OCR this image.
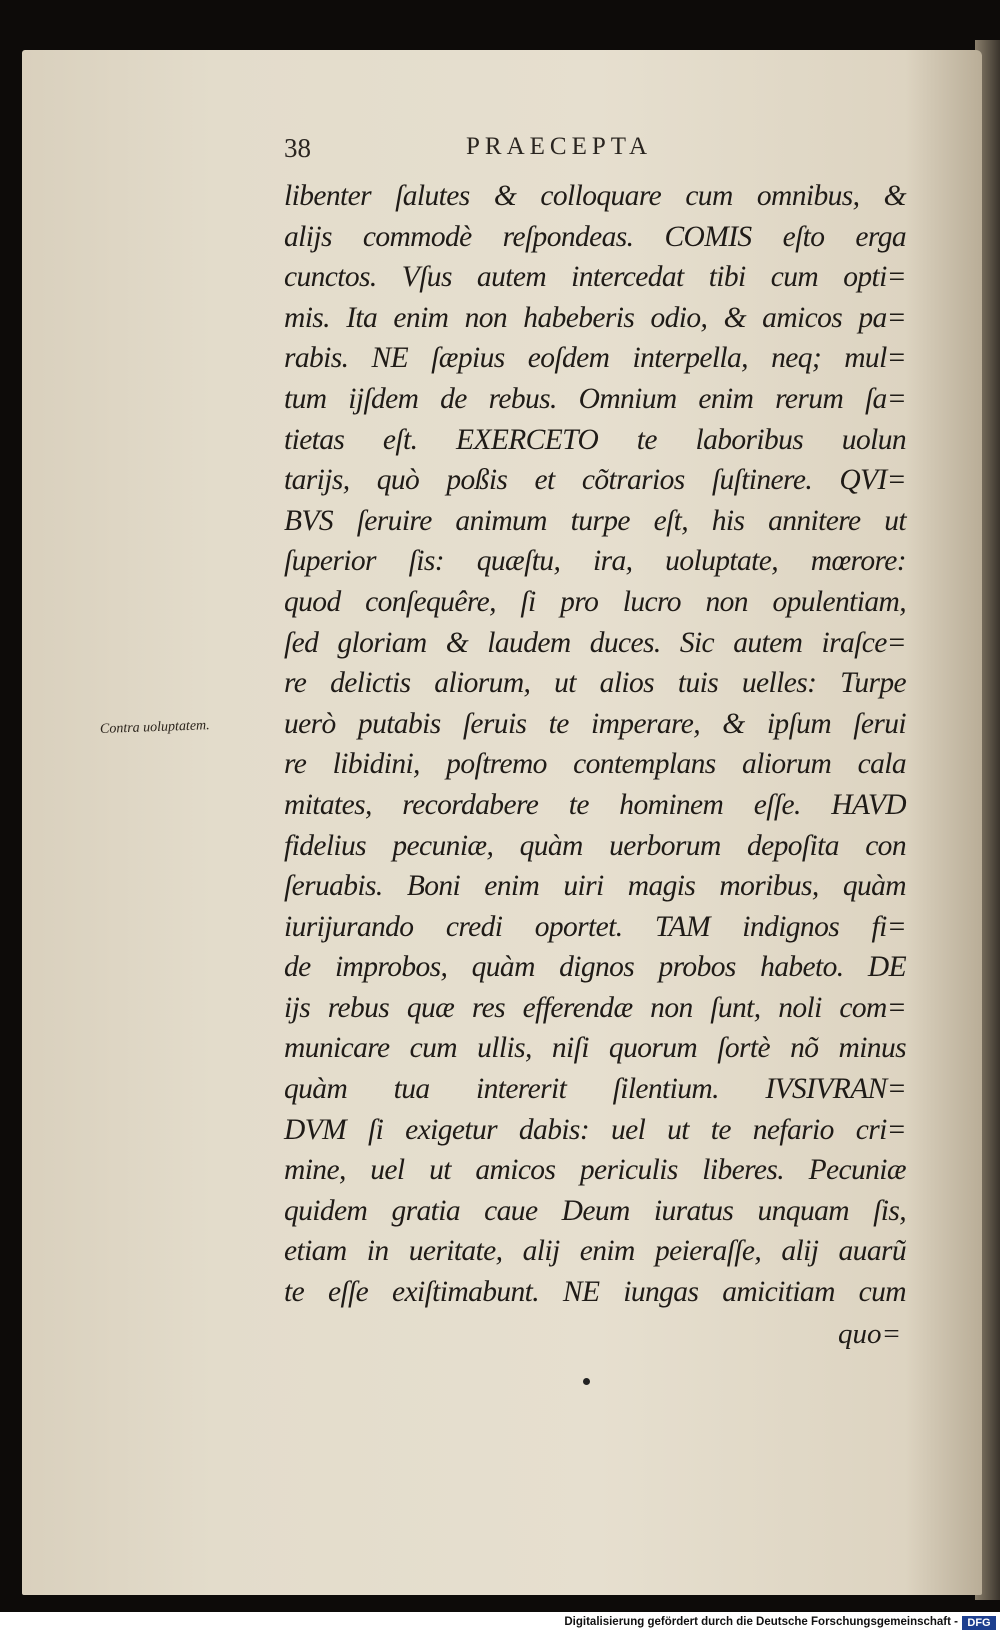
38	PRAECEPTA
Contra uoluptatem.
libenter ſalutes & colloquare cum omnibus, &
aliјs commodè reſpondeas. COMIS eſto erga
cunctos. Vſus autem intercedat tibi cum opti=
mis. Ita enim non habeberis odio, & amicos pa=
rabis. NE ſæpius eoſdem interpella, neq; mul=
tum iјſdem de rebus. Omnium enim rerum ſa=
tietas eſt. EXERCETO te laboribus uolun
tariјs, quò poßis et cõtrarios ſuſtinere. QVI=
BVS ſeruire animum turpe eſt, his annitere ut
ſuperior ſis: quæſtu, ira, uoluptate, mœrore:
quod conſequêre, ſi pro lucro non opulentiam,
ſed gloriam & laudem duces. Sic autem iraſce=
re delictis aliorum, ut alios tuis uelles: Turpe
uerò putabis ſeruis te imperare, & ipſum ſerui
re libidini, poſtremo contemplans aliorum cala
mitates, recordabere te hominem eſſe. HAVD
fidelius pecuniæ, quàm uerborum depoſita con
ſeruabis. Boni enim uiri magis moribus, quàm
iuriјurando credi oportet. TAM indignos fi=
de improbos, quàm dignos probos habeto. DE
iјs rebus quæ res efferendæ non ſunt, noli com=
municare cum ullis, niſi quorum ſortè nõ minus
quàm tua intererit ſilentium. IVSIVRAN=
DVM ſi exigetur dabis: uel ut te nefario cri=
mine, uel ut amicos periculis liberes. Pecuniæ
quidem gratia caue Deum iuratus unquam ſis,
etiam in ueritate, aliј enim peieraſſe, aliј auarũ
te eſſe exiſtimabunt. NE iungas amicitiam cum
quo=
Digitalisierung gefördert durch die Deutsche Forschungsgemeinschaft - DFG
